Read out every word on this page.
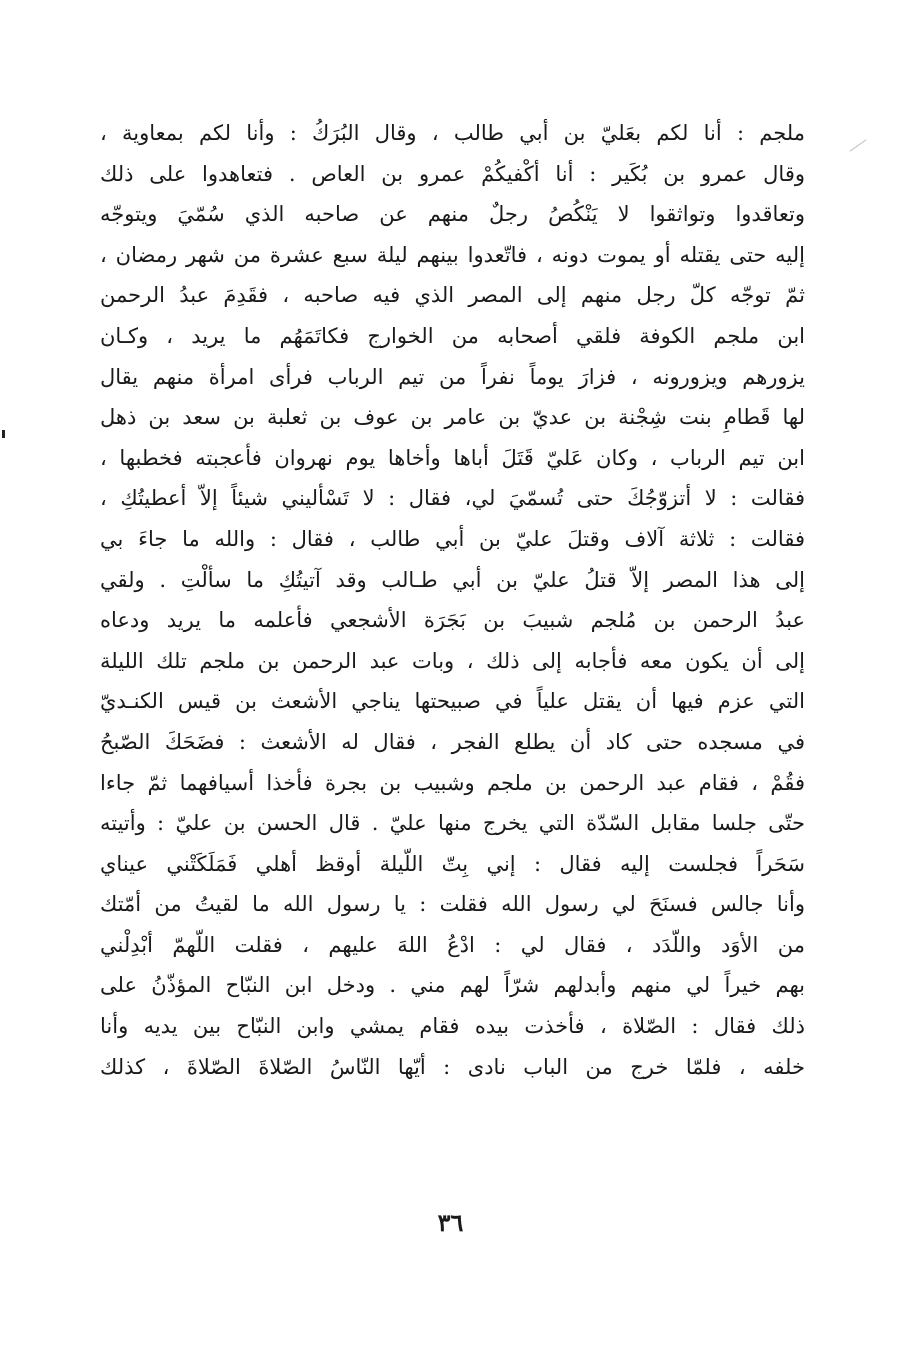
ملجم : أنا لكم بعَليّ بن أبي طالب ، وقال البُرَكُ : وأنا لكم بمعاوية ،
وقال عمرو بن بُكَير : أنا أكْفيكُمْ عمرو بن العاص . فتعاهدوا على ذلك
وتعاقدوا وتواثقوا لا يَنْكُصُ رجلٌ منهم عن صاحبه الذي سُمّيَ ويتوجّه
إليه حتى يقتله أو يموت دونه ، فاتّعدوا بينهم ليلة سبع عشرة من شهر رمضان ،
ثمّ توجّه كلّ رجل منهم إلى المصر الذي فيه صاحبه ، فقَدِمَ عبدُ الرحمن
ابن ملجم الكوفة فلقي أصحابه من الخوارج فكاتَمَهُم ما يريد ، وكـان
يزورهم ويزورونه ، فزارَ يوماً نفراً من تيم الرباب فرأى امرأة منهم يقال
لها قَطامِ بنت شِجْنة بن عديّ بن عامر بن عوف بن ثعلبة بن سعد بن ذهل
ابن تيم الرباب ، وكان عَليّ قَتَلَ أباها وأخاها يوم نهروان فأعجبته فخطبها ،
فقالت : لا أتزوّجُكَ حتى تُسمّيَ لي، فقال : لا تَسْأليني شيئاً إلاّ أعطيتُكِ ،
فقالت : ثلاثة آلاف وقتلَ عليّ بن أبي طالب ، فقال : والله ما جاءَ بي
إلى هذا المصر إلاّ قتلُ عليّ بن أبي طـالب وقد آتيتُكِ ما سألْتِ . ولقي
عبدُ الرحمن بن مُلجم شبيبَ بن بَجَرَة الأشجعي فأعلمه ما يريد ودعاه
إلى أن يكون معه فأجابه إلى ذلك ، وبات عبد الرحمن بن ملجم تلك الليلة
التي عزم فيها أن يقتل علياً في صبيحتها يناجي الأشعث بن قيس الكنـديّ
في مسجده حتى كاد أن يطلع الفجر ، فقال له الأشعث : فضَحَكَ الصّبحُ
فقُمْ ، فقام عبد الرحمن بن ملجم وشبيب بن بجرة فأخذا أسيافهما ثمّ جاءا
حتّى جلسا مقابل السّدّة التي يخرج منها عليّ . قال الحسن بن عليّ : وأتيته
سَحَراً فجلست إليه فقال : إني بِتّ اللّيلة أوقظ أهلي فَمَلَكَتْني عيناي
وأنا جالس فسنَحَ لي رسول الله فقلت : يا رسول الله ما لقيتُ من أمّتك
من الأوَد واللّدَد ، فقال لي : ادْعُ اللهَ عليهم ، فقلت اللّهمّ أبْدِلْني
بهم خيراً لي منهم وأبدلهم شرّاً لهم مني . ودخل ابن النبّاح المؤذّنُ على
ذلك فقال : الصّلاة ، فأخذت بيده فقام يمشي وابن النبّاح بين يديه وأنا
خلفه ، فلمّا خرج من الباب نادى : أيّها النّاسُ الصّلاةَ الصّلاةَ ، كذلك
٣٦
